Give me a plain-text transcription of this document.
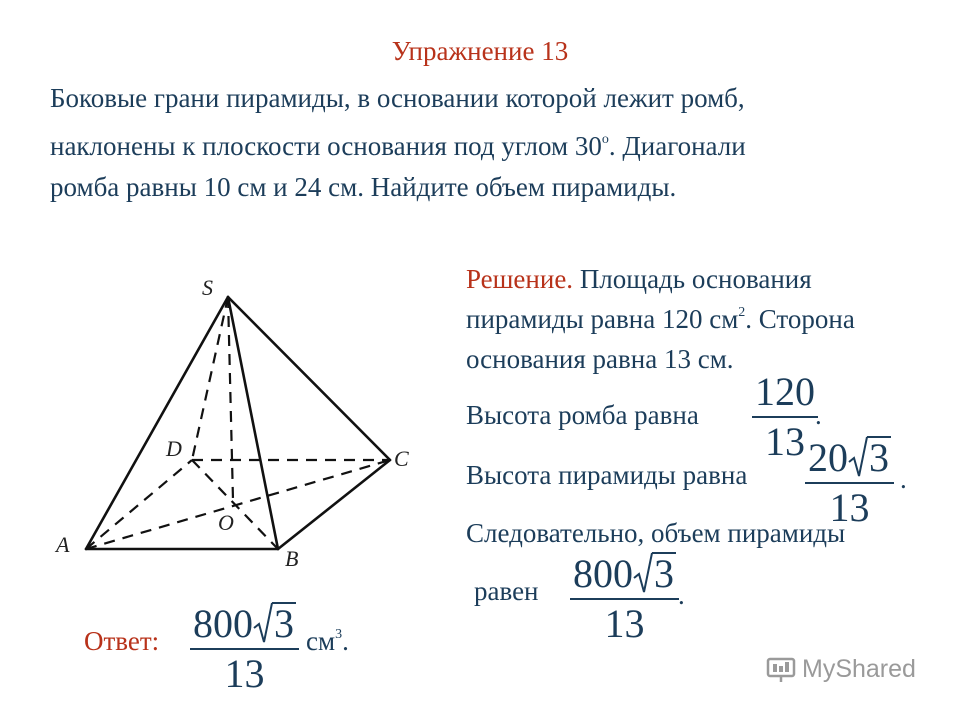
Упражнение 13
Боковые грани пирамиды, в основании которой лежит ромб,
наклонены к плоскости основания под углом 30$^o$. Диагонали
ромба равны 10 см и 24 см. Найдите объем пирамиды.
S
A
B
C
D
O
Решение. Площадь основания
пирамиды равна 120 $см^2$. Сторона
основания равна 13 см.
Высота ромба равна
120
13
.
Высота пирамиды равна 20 3
13
.
Следовательно, объем пирамиды
равен 800 3
13
.
Ответ: 800 3
13
$см^3$.
MyShared
